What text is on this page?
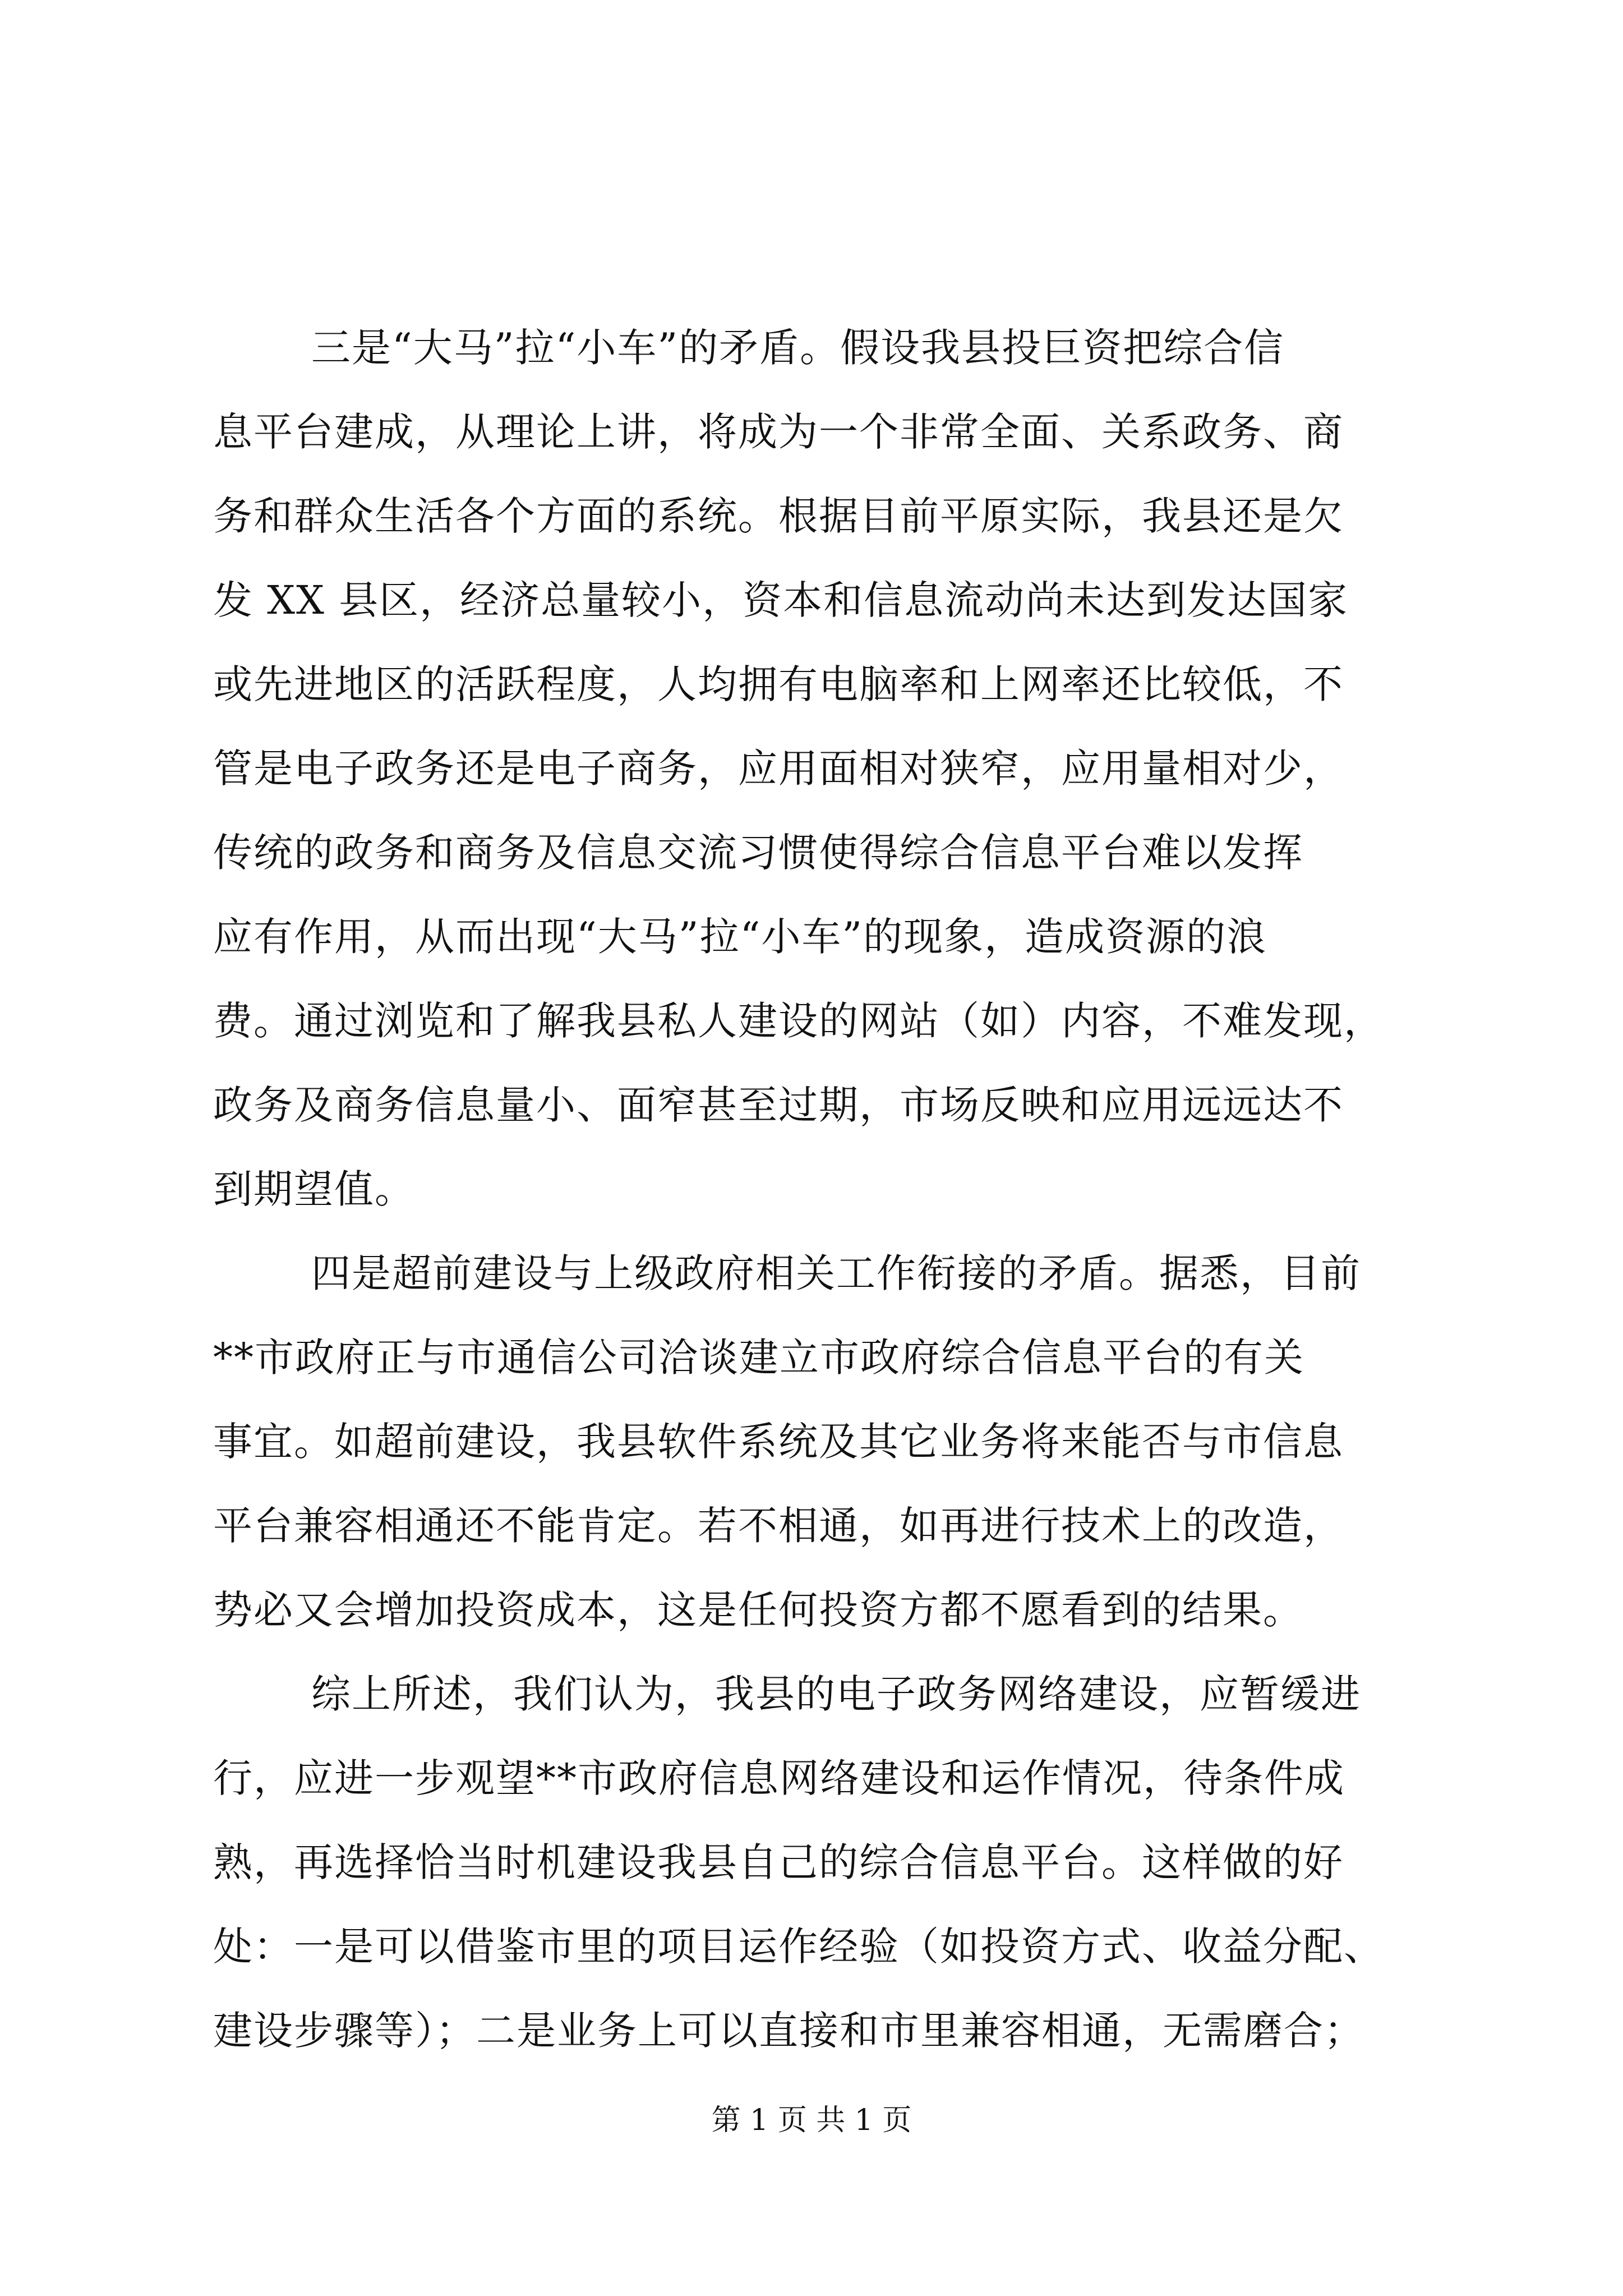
三是“大马”拉“小车”的矛盾。假设我县投巨资把综合信
息平台建成，从理论上讲，将成为一个非常全面、关系政务、商
务和群众生活各个方面的系统。根据目前平原实际，我县还是欠
发 XX 县区，经济总量较小，资本和信息流动尚未达到发达国家
或先进地区的活跃程度，人均拥有电脑率和上网率还比较低，不
管是电子政务还是电子商务，应用面相对狭窄，应用量相对少，
传统的政务和商务及信息交流习惯使得综合信息平台难以发挥
应有作用，从而出现“大马”拉“小车”的现象，造成资源的浪
费。通过浏览和了解我县私人建设的网站（如）内容，不难发现，
政务及商务信息量小、面窄甚至过期，市场反映和应用远远达不
到期望值。
四是超前建设与上级政府相关工作衔接的矛盾。据悉，目前
**市政府正与市通信公司洽谈建立市政府综合信息平台的有关
事宜。如超前建设，我县软件系统及其它业务将来能否与市信息
平台兼容相通还不能肯定。若不相通，如再进行技术上的改造，
势必又会增加投资成本，这是任何投资方都不愿看到的结果。
综上所述，我们认为，我县的电子政务网络建设，应暂缓进
行，应进一步观望**市政府信息网络建设和运作情况，待条件成
熟，再选择恰当时机建设我县自己的综合信息平台。这样做的好
处：一是可以借鉴市里的项目运作经验（如投资方式、收益分配、
建设步骤等）；二是业务上可以直接和市里兼容相通，无需磨合；
第 1 页 共 1 页
